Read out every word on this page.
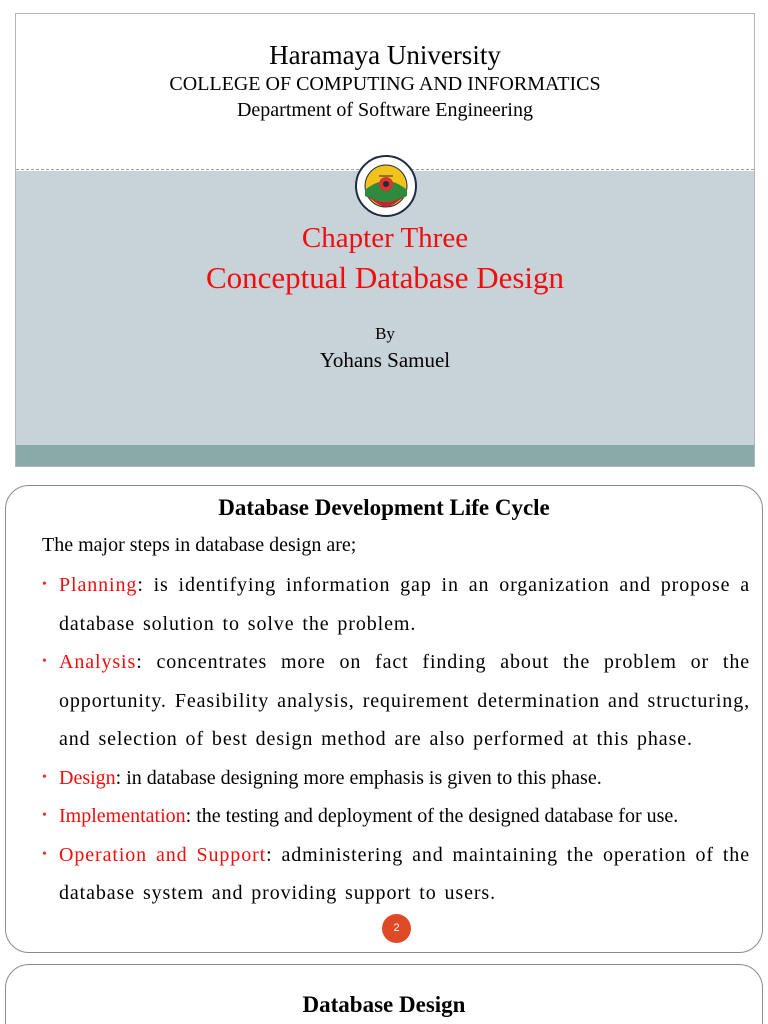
Haramaya University
COLLEGE OF COMPUTING AND INFORMATICS
Department of Software Engineering
Chapter Three
Conceptual Database Design
By
Yohans Samuel
Database Development Life Cycle
The major steps in database design are;
• Planning: is identifying information gap in an organization and propose a database solution to solve the problem.
• Analysis: concentrates more on fact finding about the problem or the opportunity. Feasibility analysis, requirement determination and structuring, and selection of best design method are also performed at this phase.
• Design: in database designing more emphasis is given to this phase.
• Implementation: the testing and deployment of the designed database for use.
• Operation and Support: administering and maintaining the operation of the database system and providing support to users.
2
Database Design
